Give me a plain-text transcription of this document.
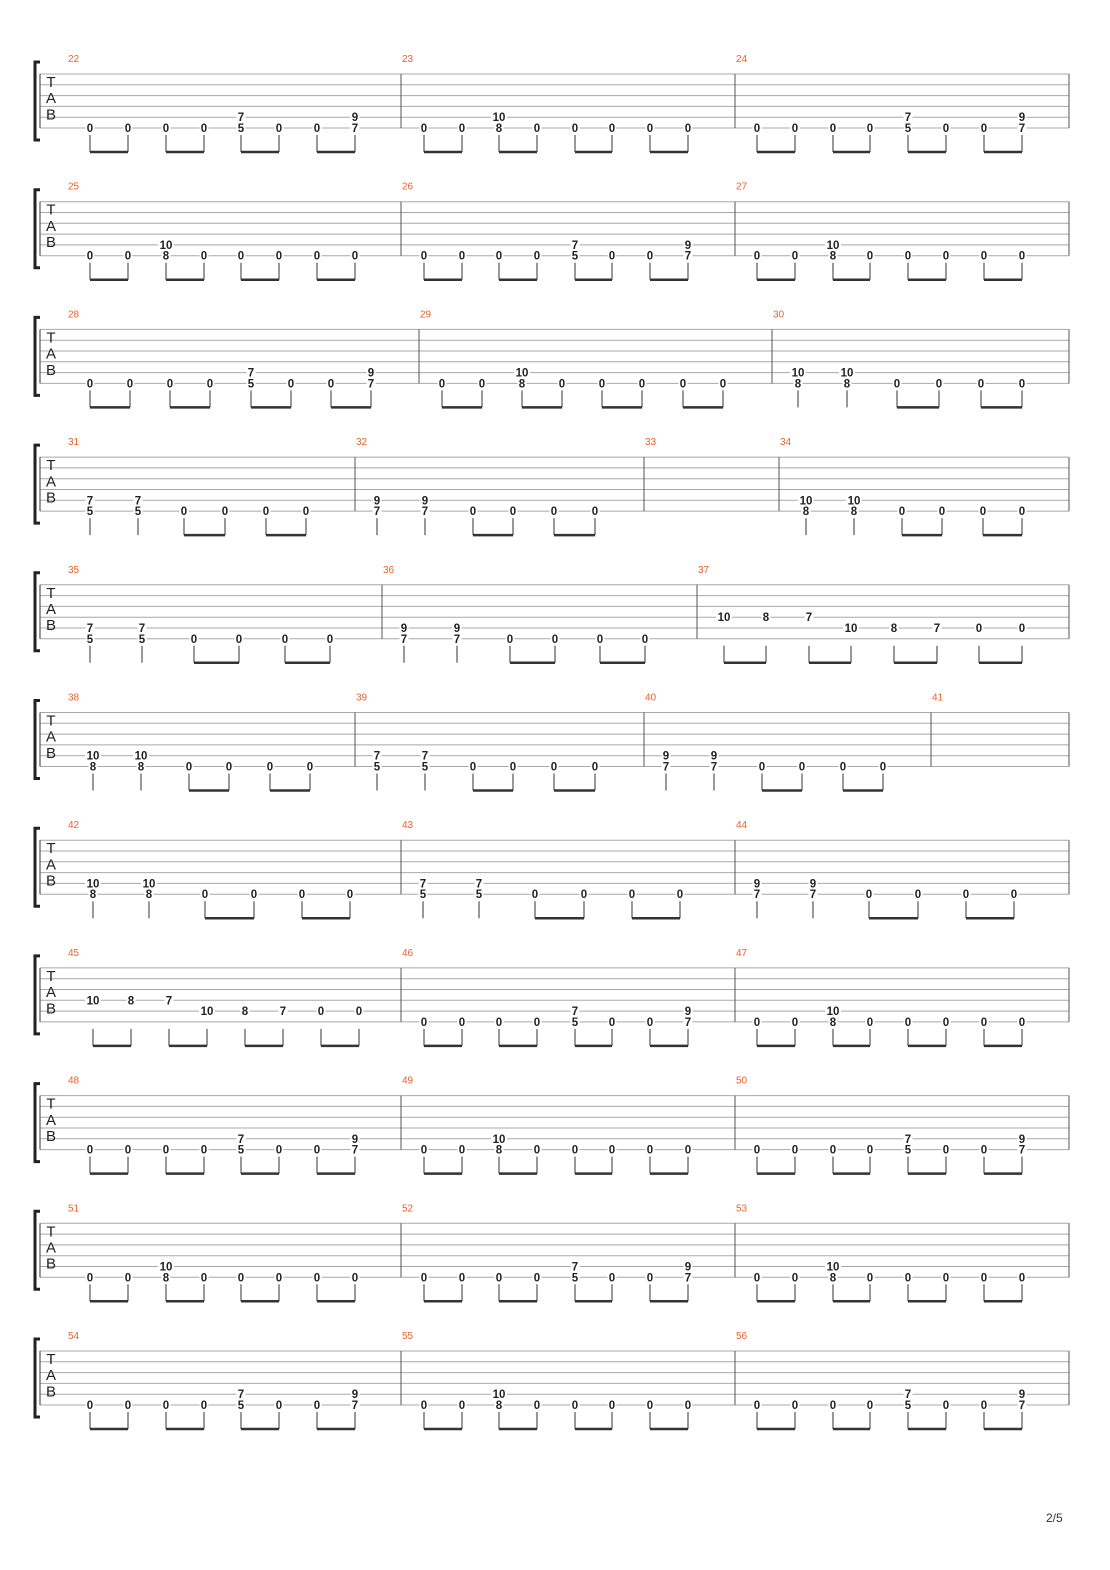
T
A
B
22
0	0	0	0	5
7
0	0	7
9
23
0	0	8
10
0	0	0	0	0
24
0	0	0	0	5
7
0	0	7
9
T
A
B
25
0	0	8
10
0	0	0	0	0
26
0	0	0	0	5
7
0	0	7
9
27
0	0	8
10
0	0	0	0	0
T
A
B
28
0	0	0	0	5
7
0	0	7
9
29
0	0	8
10
0	0	0	0	0
30
8
10
8
10
0	0	0	0
T
A
B
31
5
7
5
7
0	0	0	0
32
7
9
7
9
0	0	0	0
33	34
8
10
8
10
0	0	0	0
T
A
B
35
5
7
5
7
0	0	0	0
36
7
9
7
9
0	0	0	0
37
10	8	7
10	8	7	0	0
T
A
B
38
8
10
8
10
0	0	0	0
39
5
7
5
7
0	0	0	0
40
7
9
7
9
0	0	0	0
41
T
A
B
42
8
10
8
10
0	0	0	0
43
5
7
5
7
0	0	0	0
44
7
9
7
9
0	0	0	0
T
A
B
45
10 8	7
10 8	7	0	0
46
0	0	0	0	5
7
0	0	7
9
47
0	0	8
10
0	0	0	0	0
T
A
B
48
0	0	0	0	5
7
0	0	7
9
49
0	0	8
10
0	0	0	0	0
50
0	0	0	0	5
7
0	0	7
9
T
A
B
51
0	0	8
10
0	0	0	0	0
52
0	0	0	0	5
7
0	0	7
9
53
0	0	8
10
0	0	0	0	0
T
A
B
54
0	0	0	0	5
7
0	0	7
9
55
0	0	8
10
0	0	0	0	0
56
0	0	0	0	5
7
0	0	7
9
2/5
